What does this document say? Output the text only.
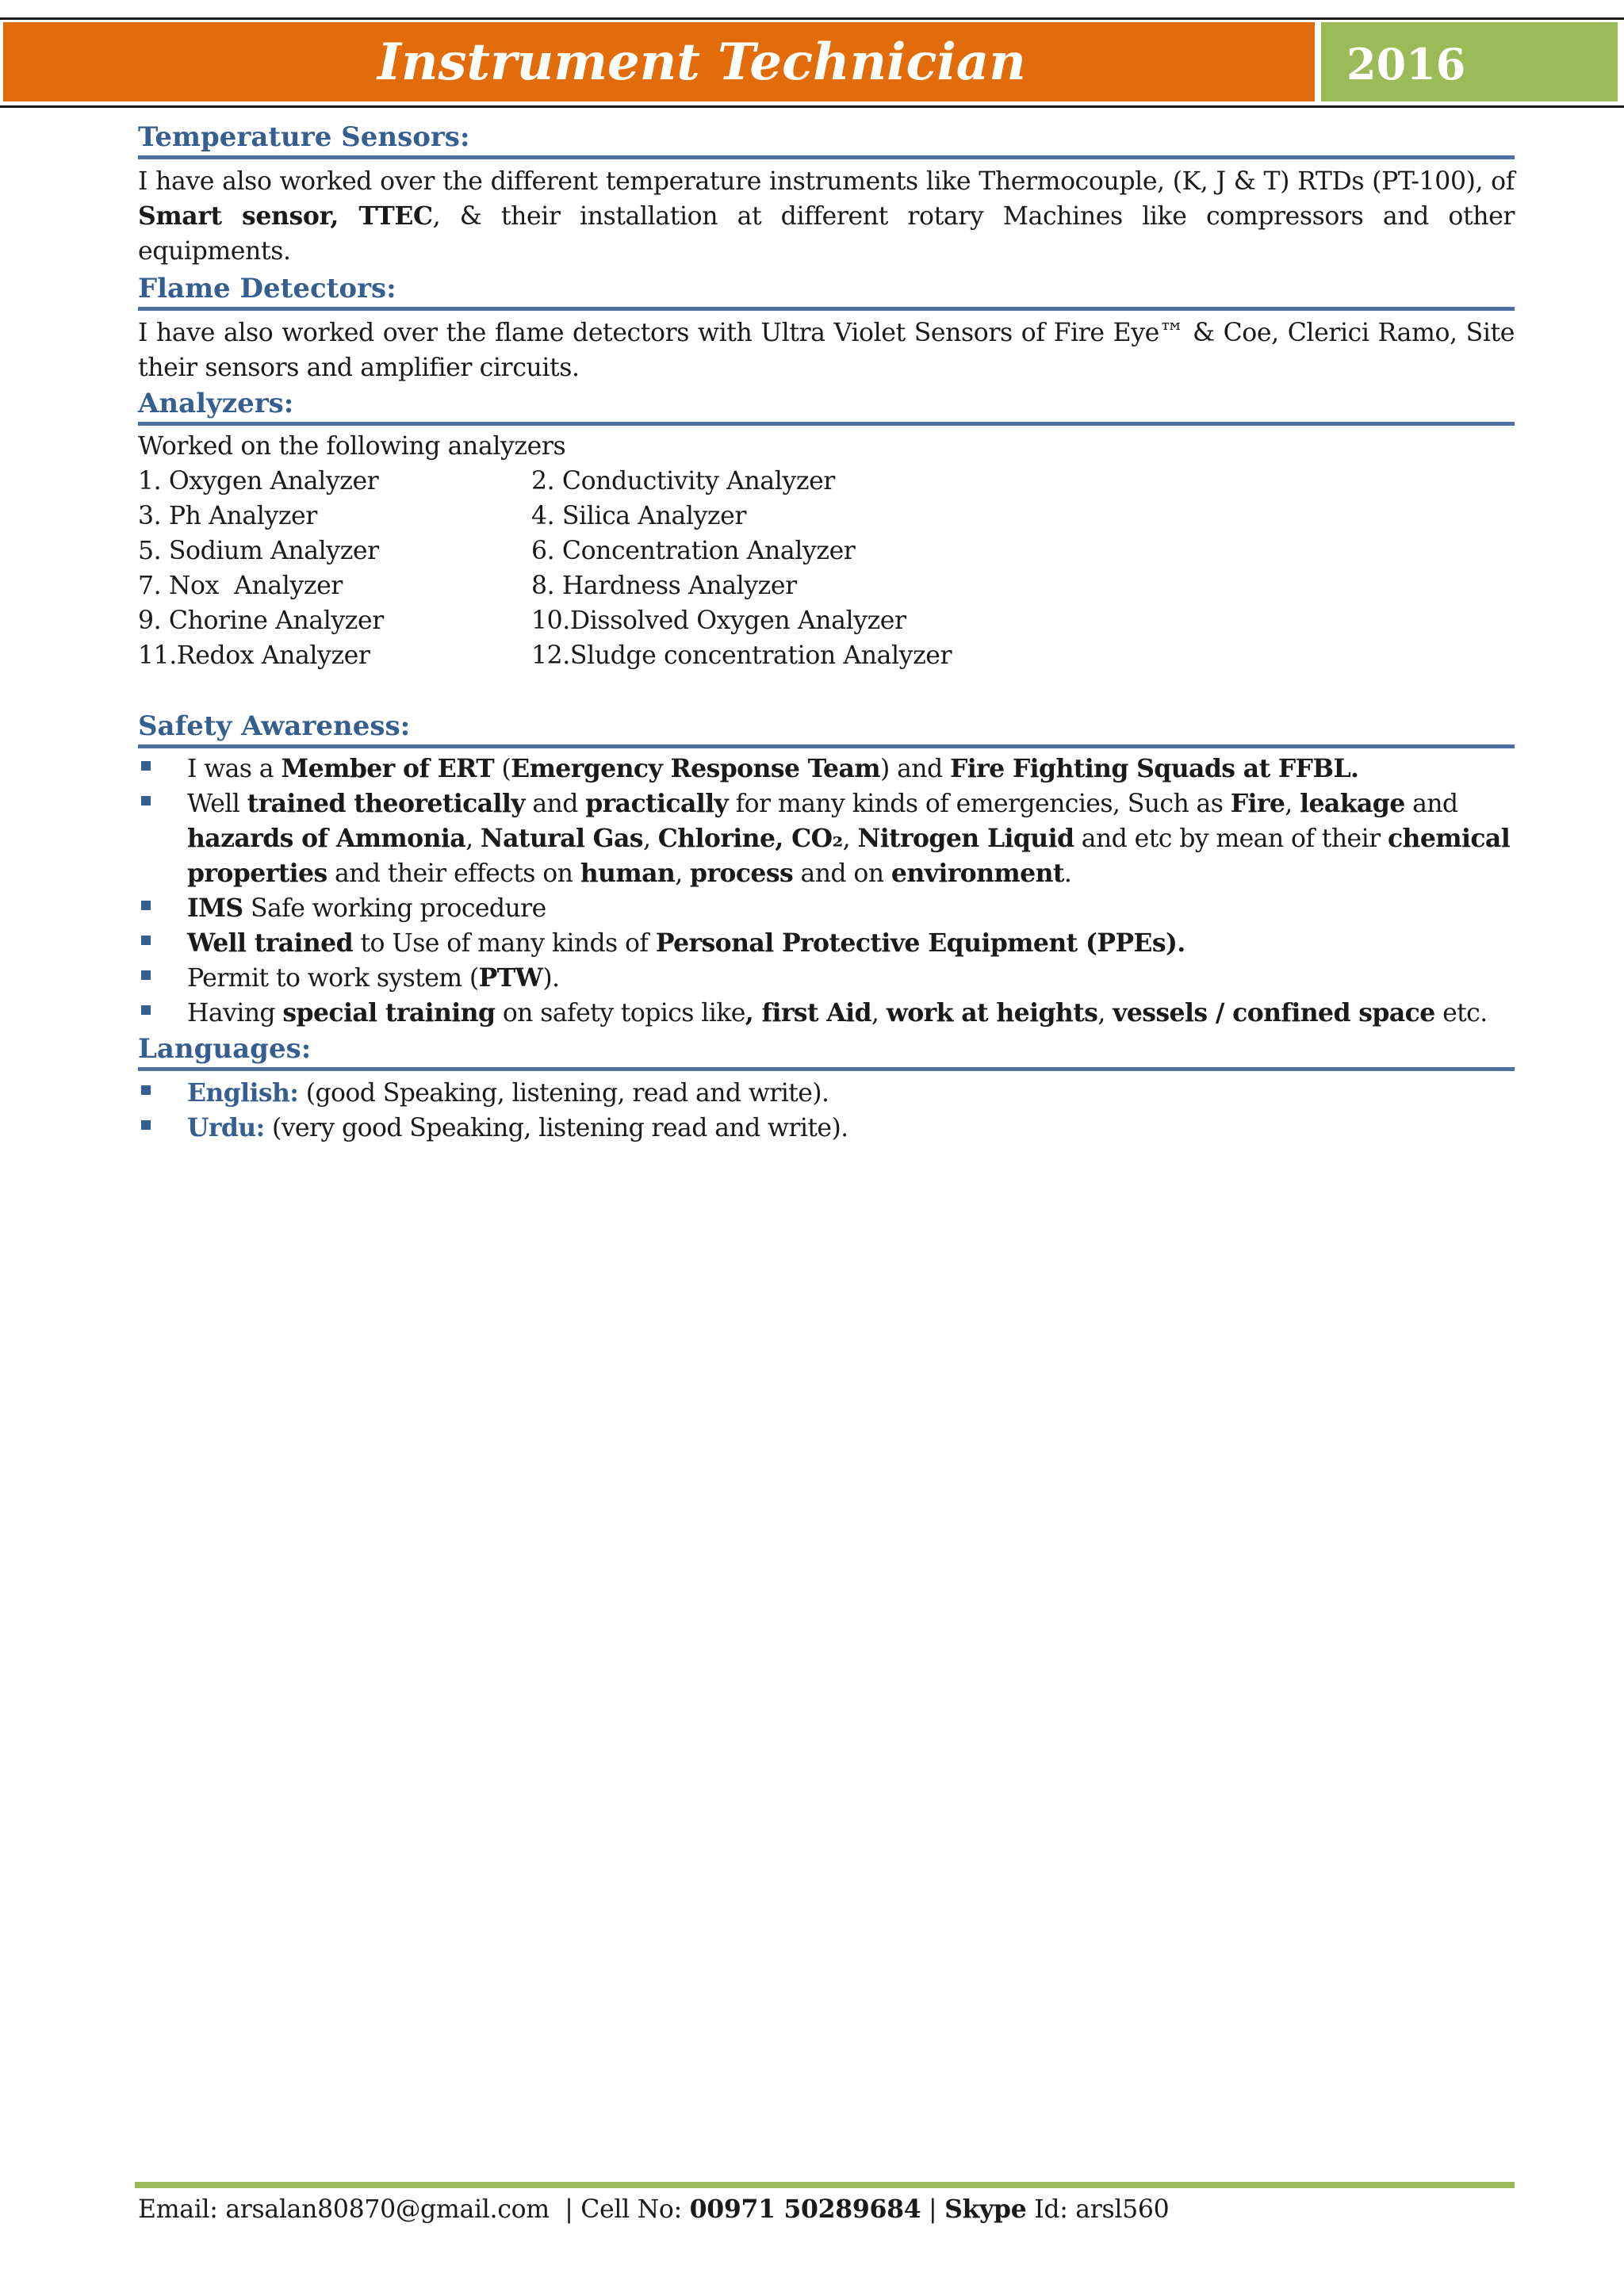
Instrument Technician	2016
Temperature Sensors:

I have also worked over the different temperature instruments like Thermocouple, (K, J & T) RTDs (PT-100), of Smart sensor, TTEC, & their installation at different rotary Machines like compressors and other equipments.

Flame Detectors:

I have also worked over the flame detectors with Ultra Violet Sensors of Fire Eye™ & Coe, Clerici Ramo, Site their sensors and amplifier circuits.

Analyzers:
Worked on the following analyzers
1. Oxygen Analyzer	2. Conductivity Analyzer
3. Ph Analyzer	4. Silica Analyzer
5. Sodium Analyzer	6. Concentration Analyzer
7. Nox  Analyzer	8. Hardness Analyzer
9. Chorine Analyzer	10.Dissolved Oxygen Analyzer
11.Redox Analyzer	12.Sludge concentration Analyzer
Safety Awareness:
I was a Member of ERT (Emergency Response Team) and Fire Fighting Squads at FFBL.
Well trained theoretically and practically for many kinds of emergencies, Such as Fire, leakage and hazards of Ammonia, Natural Gas, Chlorine, CO₂, Nitrogen Liquid and etc by mean of their chemical properties and their effects on human, process and on environment.
IMS Safe working procedure
Well trained to Use of many kinds of Personal Protective Equipment (PPEs).
Permit to work system (PTW).
Having special training on safety topics like, first Aid, work at heights, vessels / confined space etc.
Languages:
English: (good Speaking, listening, read and write).
Urdu: (very good Speaking, listening read and write).
Email: arsalan80870@gmail.com  | Cell No: 00971 50289684 | Skype Id: arsl560
